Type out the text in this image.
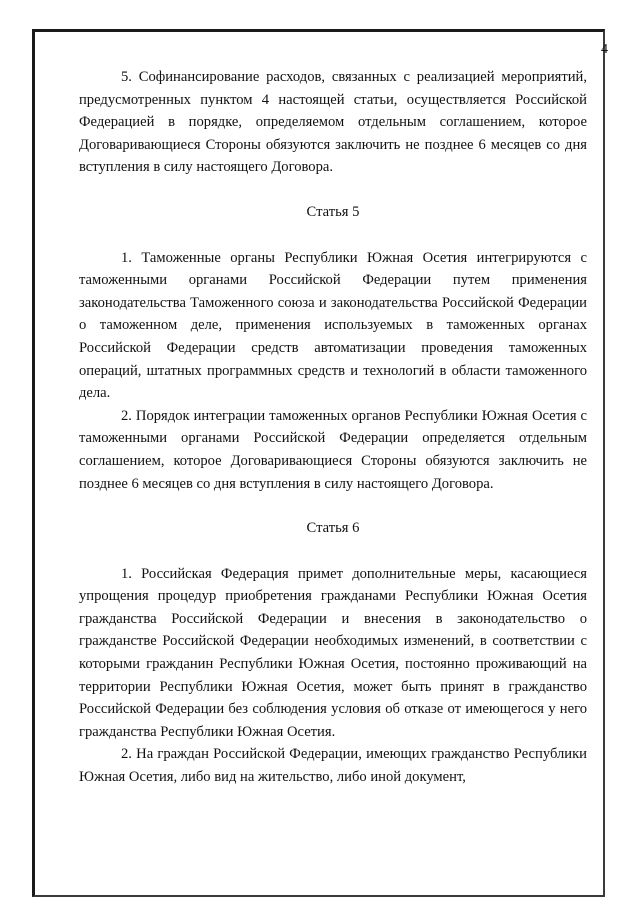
4

5. Софинансирование расходов, связанных с реализацией мероприятий, предусмотренных пунктом 4 настоящей статьи, осуществляется Российской Федерацией в порядке, определяемом отдельным соглашением, которое Договаривающиеся Стороны обязуются заключить не позднее 6 месяцев со дня вступления в силу настоящего Договора.

Статья 5

1. Таможенные органы Республики Южная Осетия интегрируются с таможенными органами Российской Федерации путем применения законодательства Таможенного союза и законодательства Российской Федерации о таможенном деле, применения используемых в таможенных органах Российской Федерации средств автоматизации проведения таможенных операций, штатных программных средств и технологий в области таможенного дела.

2. Порядок интеграции таможенных органов Республики Южная Осетия с таможенными органами Российской Федерации определяется отдельным соглашением, которое Договаривающиеся Стороны обязуются заключить не позднее 6 месяцев со дня вступления в силу настоящего Договора.

Статья 6

1. Российская Федерация примет дополнительные меры, касающиеся упрощения процедур приобретения гражданами Республики Южная Осетия гражданства Российской Федерации и внесения в законодательство о гражданстве Российской Федерации необходимых изменений, в соответствии с которыми гражданин Республики Южная Осетия, постоянно проживающий на территории Республики Южная Осетия, может быть принят в гражданство Российской Федерации без соблюдения условия об отказе от имеющегося у него гражданства Республики Южная Осетия.

2. На граждан Российской Федерации, имеющих гражданство Республики Южная Осетия, либо вид на жительство, либо иной документ,
